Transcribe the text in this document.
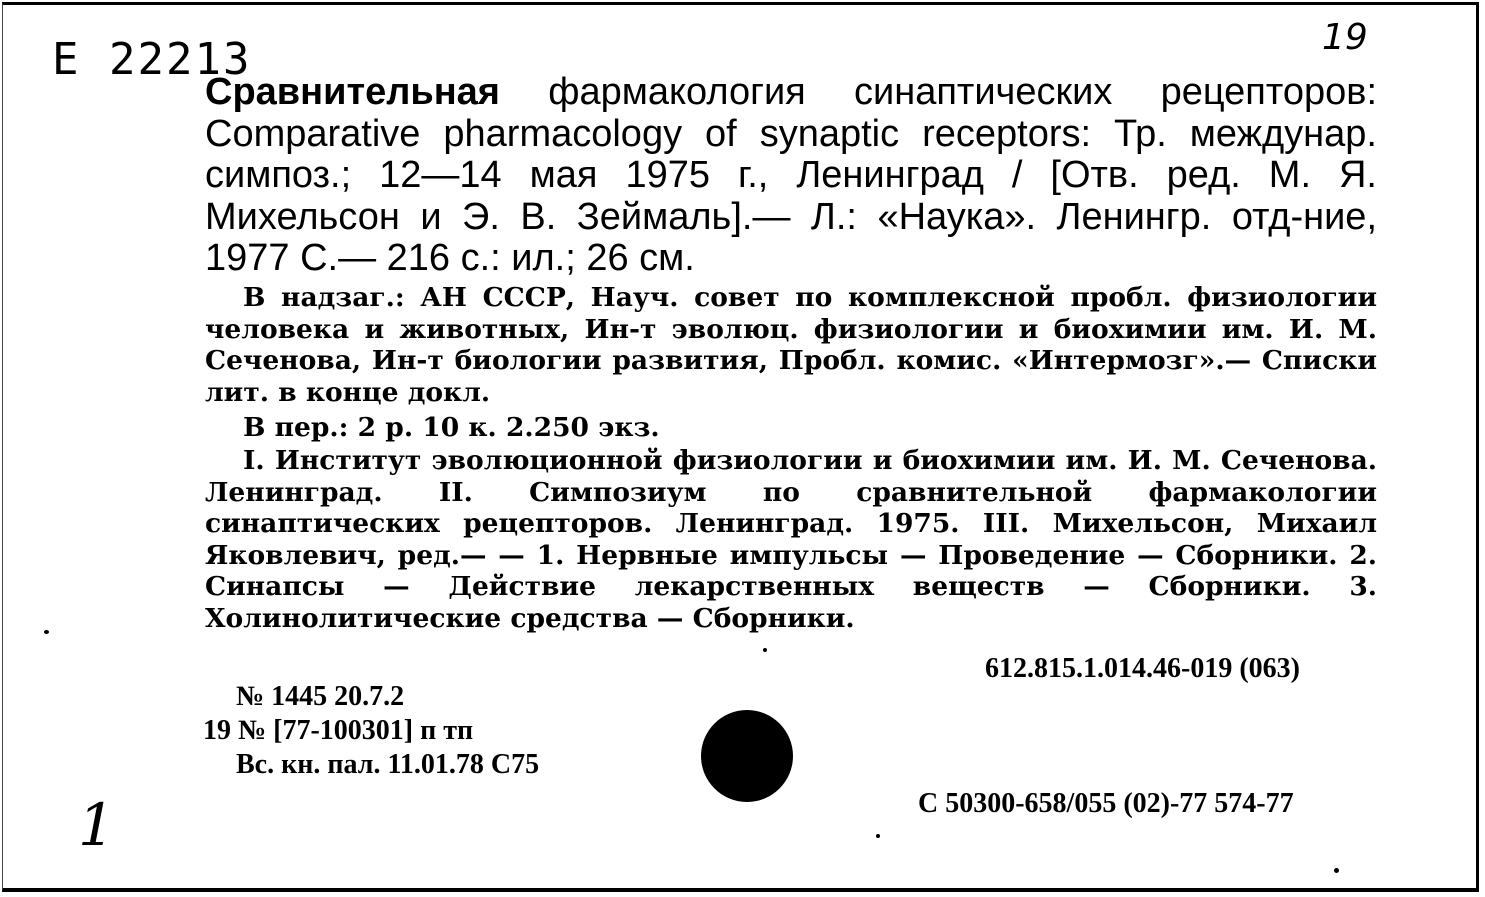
Е 22213	19
Сравнительная фармакология синаптических рецепторов: Comparative pharmacology of synaptic receptors: Тр. междунар. симпоз.; 12—14 мая 1975 г., Ленинград / [Отв. ред. М. Я. Михельсон и Э. В. Зеймаль].— Л.: «Наука». Ленингр. отд-ние, 1977 С.— 216 с.: ил.; 26 см.
В надзаг.: АН СССР, Науч. совет по комплексной пробл. физиологии человека и животных, Ин-т эволюц. физиологии и биохимии им. И. М. Сеченова, Ин-т биологии развития, Пробл. комис. «Интермозг».— Списки лит. в конце докл.
В пер.: 2 р. 10 к. 2.250 экз.
I. Институт эволюционной физиологии и биохимии им. И. М. Сеченова. Ленинград. II. Симпозиум по сравнительной фармакологии синаптических рецепторов. Ленинград. 1975. III. Михельсон, Михаил Яковлевич, ред.— — 1. Нервные импульсы — Проведение — Сборники. 2. Синапсы — Действие лекарственных веществ — Сборники. 3. Холинолитические средства — Сборники.
612.815.1.014.46-019 (063)
№ 1445 20.7.2
19 № [77-100301] п тп
Вс. кн. пал. 11.01.78 С75
С 50300-658/055 (02)-77 574-77
1
